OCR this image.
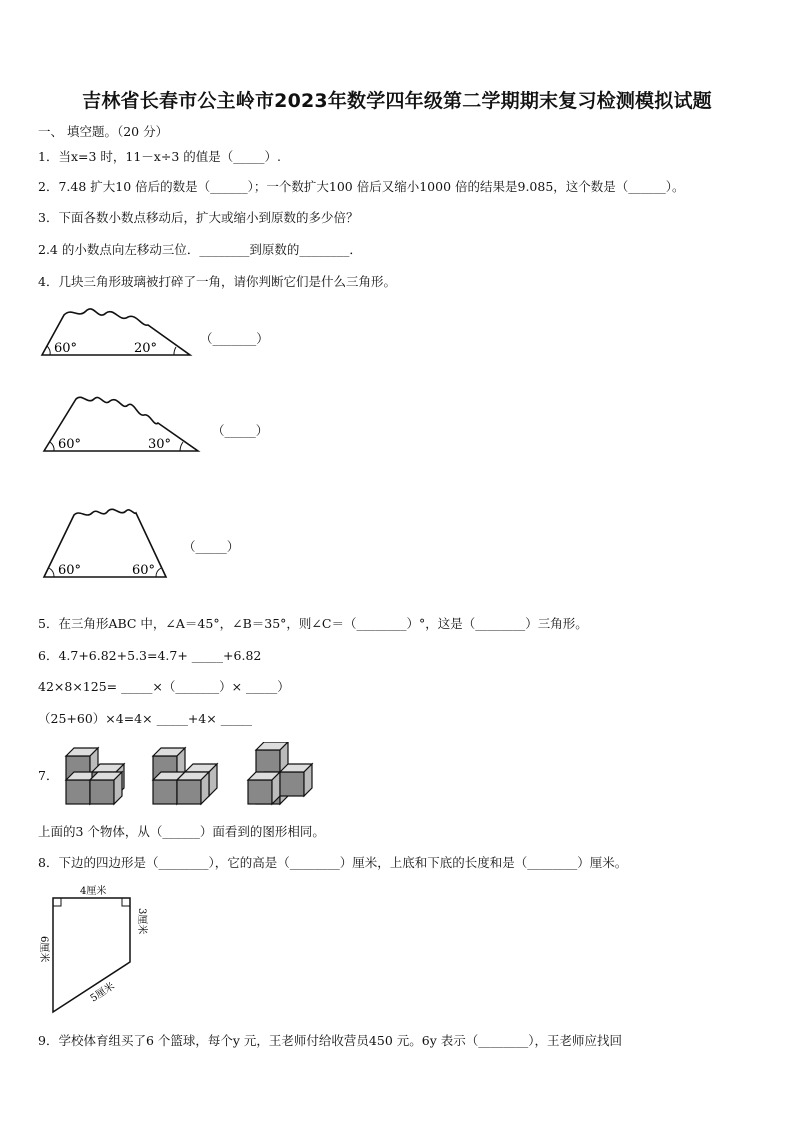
吉林省长春市公主岭市2023年数学四年级第二学期期末复习检测模拟试题
一、 填空题。（20 分）
1．当x=3 时，11－x÷3 的值是（_____）.
2．7.48 扩大10 倍后的数是（______）；一个数扩大100 倍后又缩小1000 倍的结果是9.085，这个数是（______）。
3．下面各数小数点移动后，扩大或缩小到原数的多少倍？
2.4 的小数点向左移动三位．________到原数的________．
4．几块三角形玻璃被打碎了一角，请你判断它们是什么三角形。
60°	20°
（_______）
60°	30°
（_____）
60°	60°
（_____）
5．在三角形ABC 中，∠A＝45°，∠B＝35°，则∠C＝（________）°，这是（________）三角形。
6．4.7+6.82+5.3=4.7+ _____+6.82
42×8×125= _____×（_______）× _____）
（25+60）×4=4× _____+4× _____
7．
上面的3 个物体，从（______）面看到的图形相同。
8．下边的四边形是（________），它的高是（________）厘米，上底和下底的长度和是（________）厘米。
4厘米
3厘米
6厘米
5厘米
9．学校体育组买了6 个篮球，每个y 元，王老师付给收营员450 元。6y 表示（________），王老师应找回
